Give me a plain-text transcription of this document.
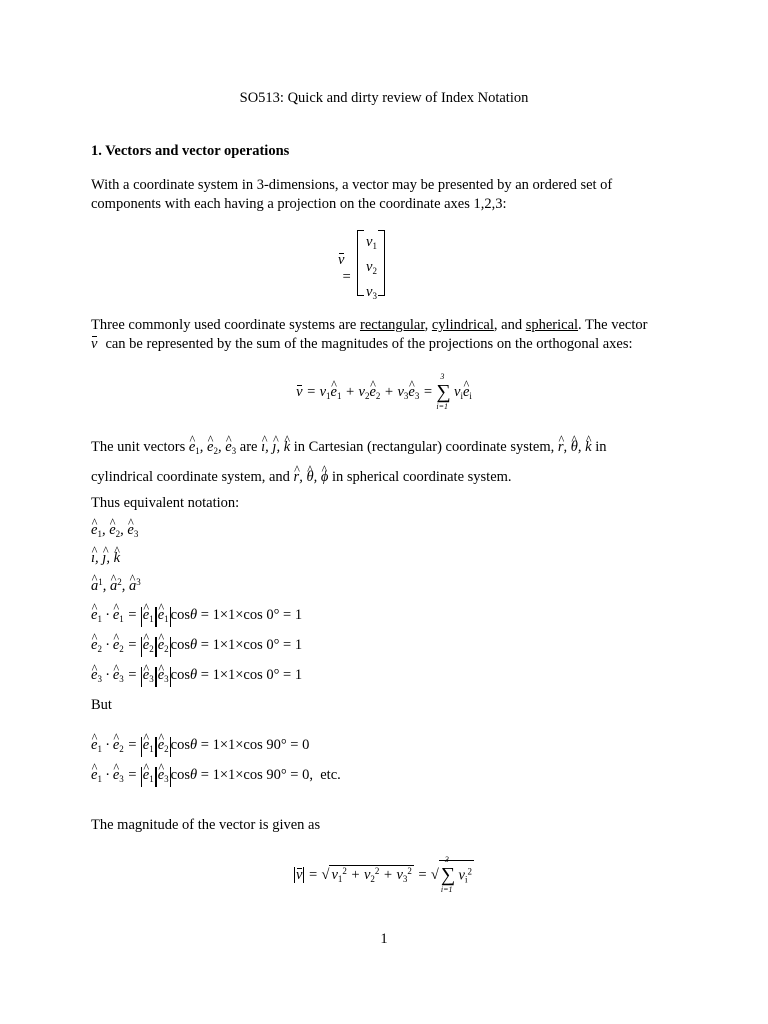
SO513: Quick and dirty review of Index Notation
1. Vectors and vector operations
With a coordinate system in 3-dimensions, a vector may be presented by an ordered set of
components with each having a projection on the coordinate axes 1,2,3:
v =
$v_1$
$v_2$
$v_3$
Three commonly used coordinate systems are rectangular, cylindrical, and spherical. The vector
v can be represented by the sum of the magnitudes of the projections on the orthogonal axes:
$v = v_1\^{}$ $e_1$ + $v_2\^{}$ $e_2$ + $v_3\^{}$ $e_3$ =
3
∑
i=1
$v_i\^{}$ $e_i$
The unit vectors ^ $e_1$, ^ $e_2$, ^ $e_3$ are ^ ı, ^ ȷ, ^ k in Cartesian (rectangular) coordinate system, ^ r, ^ θ, ^ k in
cylindrical coordinate system, and ^ r, ^ θ, ^ ϕ in spherical coordinate system.
Thus equivalent notation:
^ $e_1$, ^ $e_2$, ^ $e_3$
^ ı, ^ ȷ, ^ k
^ $a^1$, ^ $a^2$, ^ $a^3$
^ $e_1$ · ^ $e_1$ = ^ $e_1$ ^ $e_1$ cosθ = 1×1×cos 0° = 1
^ $e_2$ · ^ $e_2$ = ^ $e_2$ ^ $e_2$ cosθ = 1×1×cos 0° = 1
^ $e_3$ · ^ $e_3$ = ^ $e_3$ ^ $e_3$ cosθ = 1×1×cos 0° = 1
But
^ $e_1$ · ^ $e_2$ = ^ $e_1$ ^ $e_2$ cosθ = 1×1×cos 90° = 0
^ $e_1$ · ^ $e_3$ = ^ $e_1$ ^ $e_3$ cosθ = 1×1×cos 90° = 0,  etc.
The magnitude of the vector is given as
v = √ $v_1^2 + v_2^2 + v_3^2$ = √
3
∑
i=1
$v_i^2$
1
